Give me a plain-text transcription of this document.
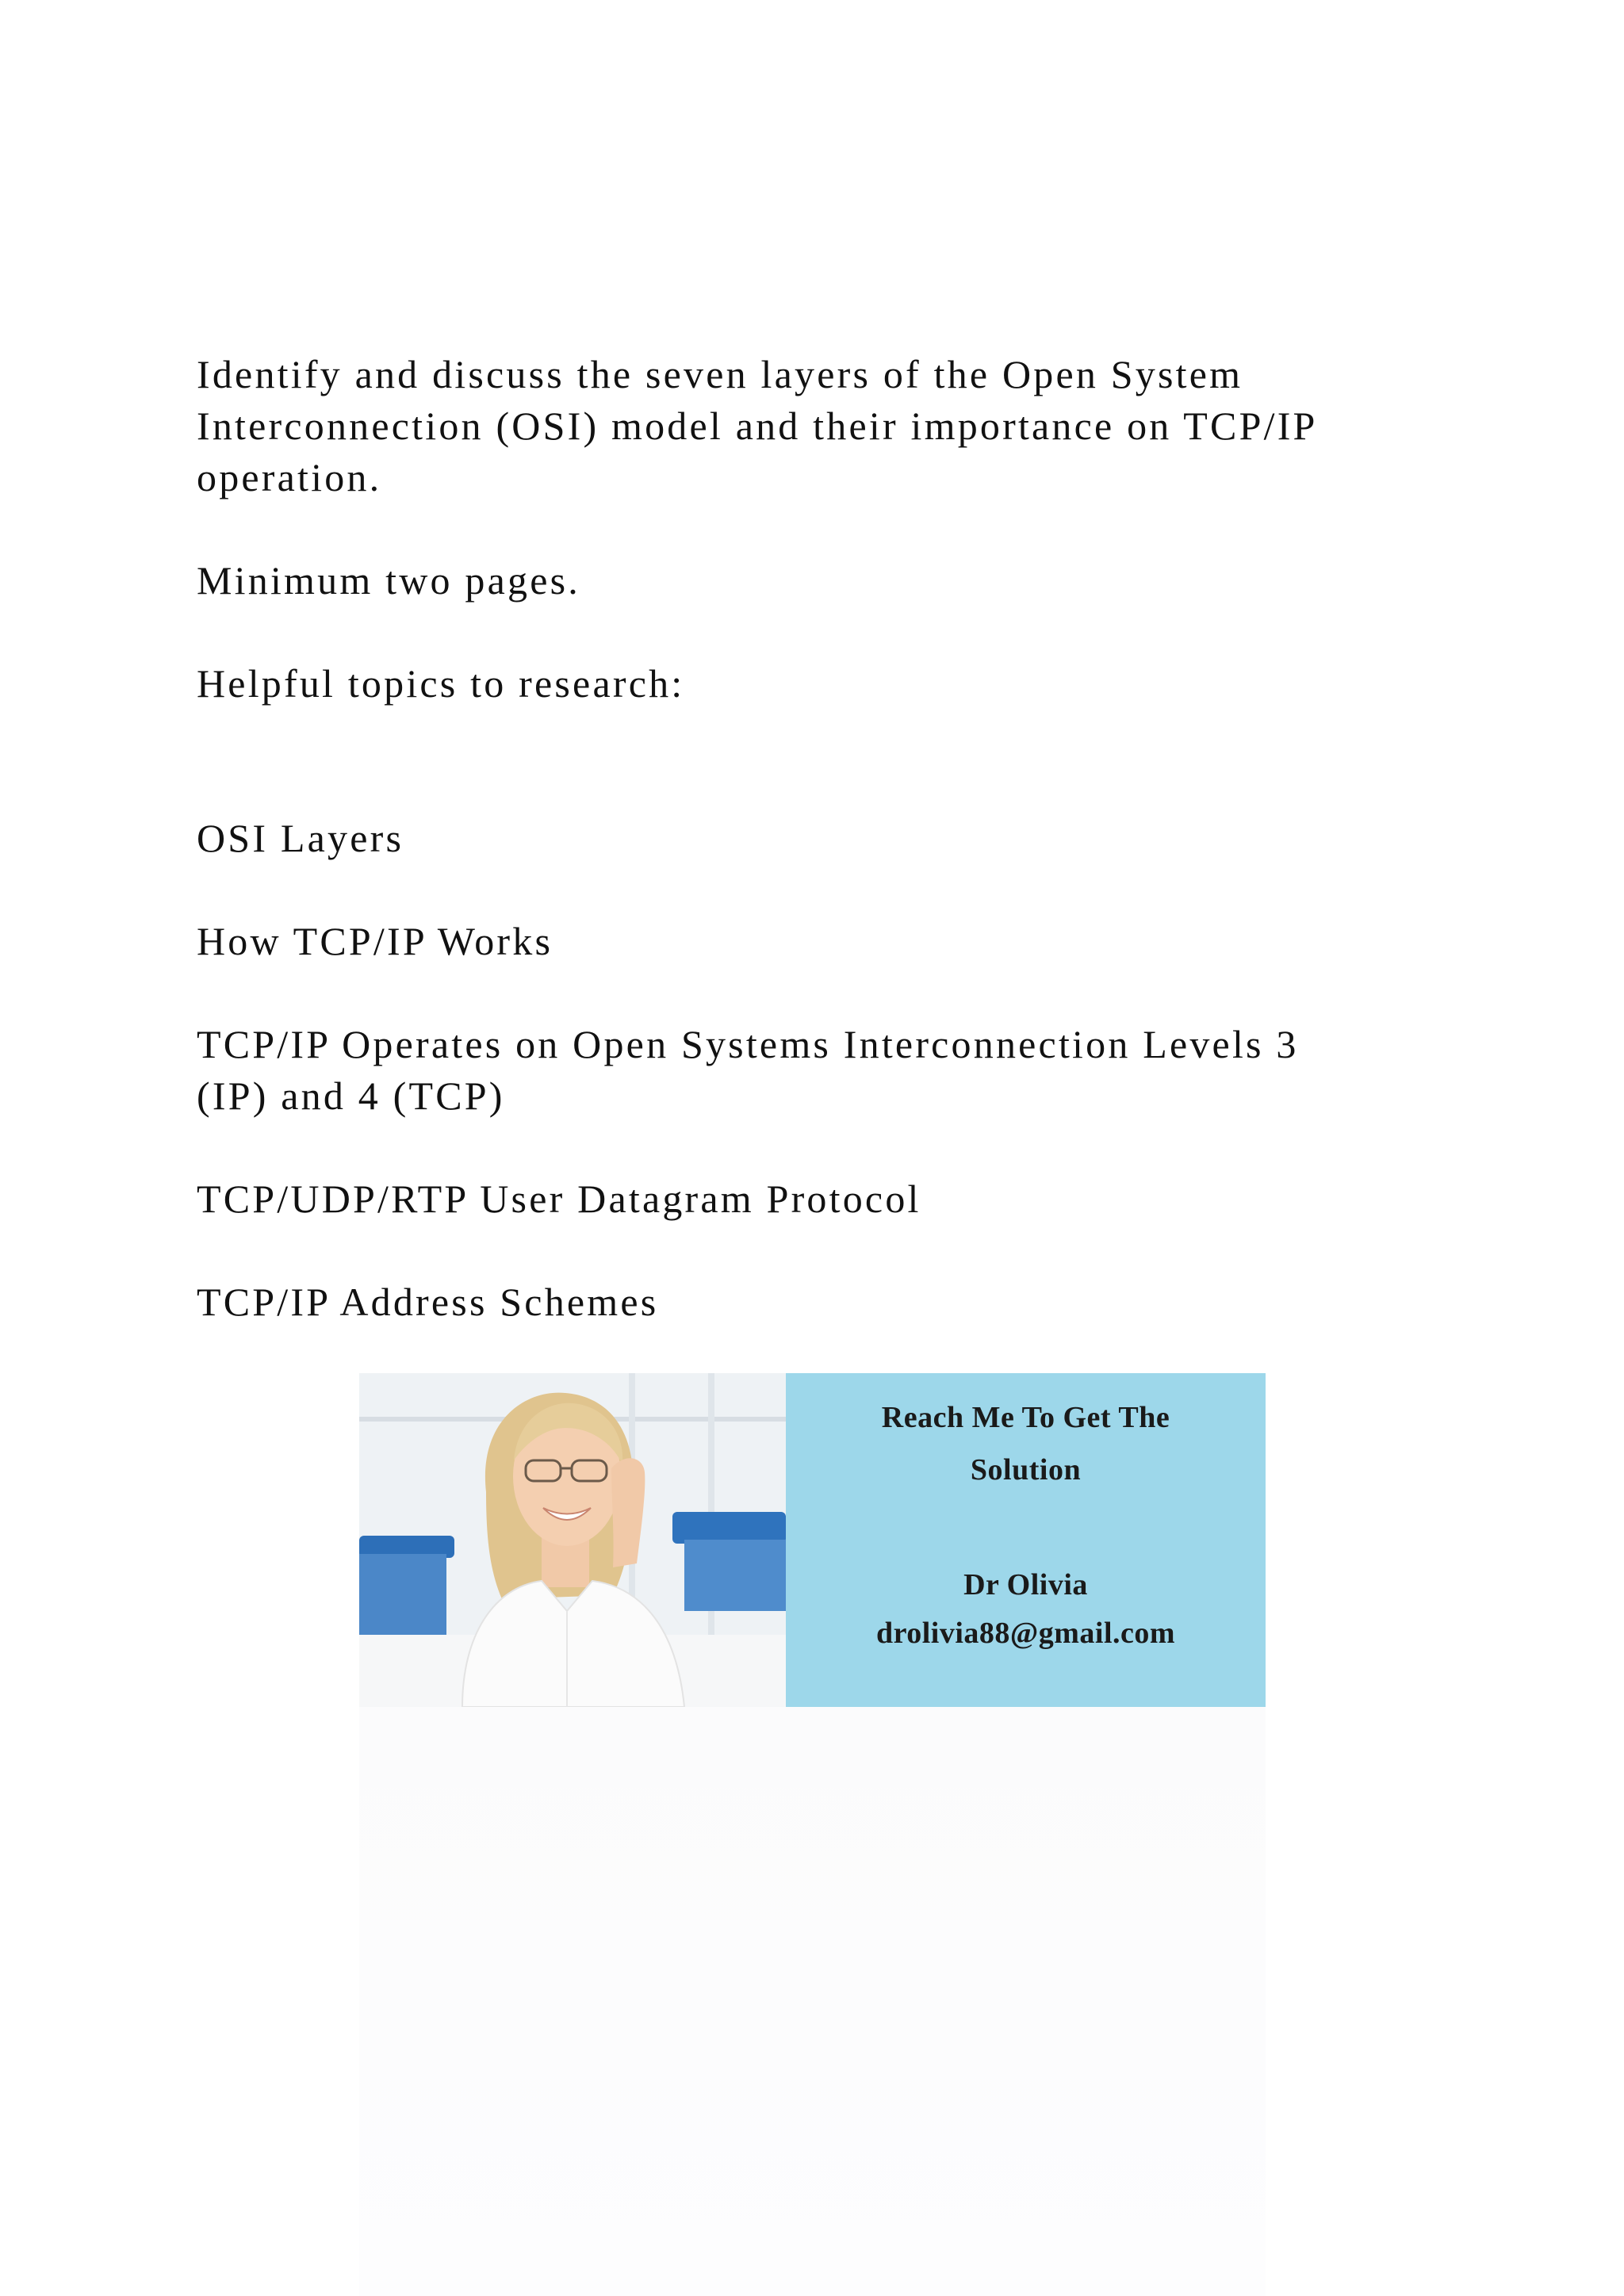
Identify and discuss the seven layers of the Open System
Interconnection (OSI) model and their importance on TCP/IP
operation.

Minimum two pages.

Helpful topics to research:

OSI Layers

How TCP/IP Works

TCP/IP Operates on Open Systems Interconnection Levels 3
(IP) and 4 (TCP)

TCP/UDP/RTP User Datagram Protocol

TCP/IP Address Schemes

Reach Me To Get The
Solution
Dr Olivia
drolivia88@gmail.com
